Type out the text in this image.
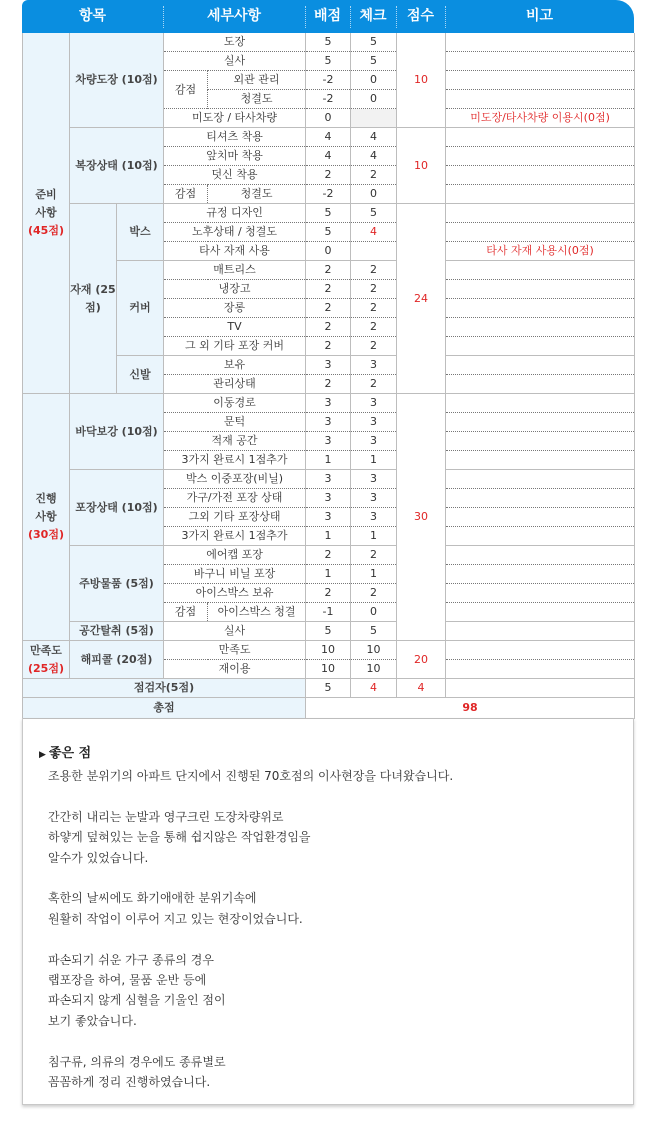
항목	세부사항	배점	체크	점수	비고
준비
사항
(45점)	차량도장 (10점)		도장		5	5	10	
			실사		5	5		
			감점	외관 관리	-2	0		
				청결도	-2	0		
			미도장 / 타사차량		0			미도장/타사차량 이용시(0점)
	복장상태 (10점)		티셔츠 착용		4	4	10	
			앞치마 착용		4	4		
			덧신 착용		2	2		
			감점	청결도	-2	0		
	자재 (25점)	박스	규정 디자인		5	5	24	
			노후상태 / 청결도		5	4		
			타사 자재 사용		0			타사 자재 사용시(0점)
		커버	매트리스		2	2		
			냉장고		2	2		
			장롱		2	2		
			TV		2	2		
			그 외 기타 포장 커버		2	2		
		신발	보유		3	3		
			관리상태		2	2		

진행
사항
(30점)	바닥보강 (10점)		이동경로		3	3	30	
			문턱		3	3		
			적재 공간		3	3		
			3가지 완료시 1점추가		1	1		
	포장상태 (10점)		박스 이중포장(비닐)		3	3		
			가구/가전 포장 상태		3	3		
			그외 기타 포장상태		3	3		
			3가지 완료시 1점추가		1	1		
	주방물품 (5점)		에어캡 포장		2	2		
			바구니 비닐 포장		1	1		
			아이스박스 보유		2	2		
			감점	아이스박스 청결	-1	0		
	공간탈취 (5점)		실사		5	5		

만족도
(25점)	해피콜 (20점)		만족도		10	10	20	
			재이용		10	10		
점검자(5점)					5	4	4	
총점					98			
▶ 좋은 점

조용한 분위기의 아파트 단지에서 진행된 70호점의 이사현장을 다녀왔습니다.

간간히 내리는 눈발과 영구크린 도장차량위로

하얗게 덮혀있는 눈을 통해 쉽지않은 작업환경임을

알수가 있었습니다.

혹한의 날씨에도 화기애애한 분위기속에

원활히 작업이 이루어 지고 있는 현장이었습니다.

파손되기 쉬운 가구 종류의 경우

랩포장을 하여, 물품 운반 등에

파손되지 않게 심혈을 기울인 점이

보기 좋았습니다.

침구류, 의류의 경우에도 종류별로

꼼꼼하게 정리 진행하였습니다.
